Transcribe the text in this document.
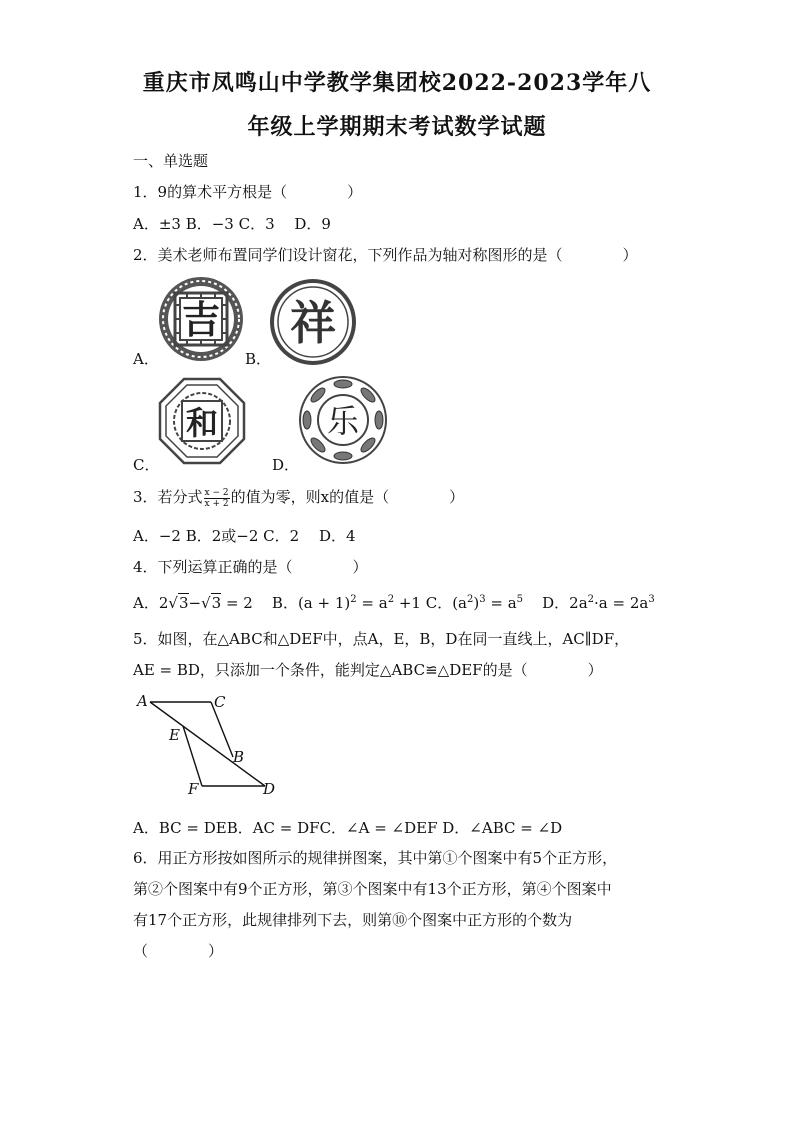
重庆市凤鸣山中学教学集团校2022-2023学年八
年级上学期期末考试数学试题
一、单选题
1．9的算术平方根是（　　　　）
A．±3 B．−3 C．3　 D．9
2．美术老师布置同学们设计窗花，下列作品为轴对称图形的是（　　　　）
A．
吉
B．
祥
C．
和
D．
乐
3．若分式 $\frac{x - 2}{x + 2}$ 的值为零，则x的值是（　　　　）
A．−2 B．2或−2 C．2　 D．4
4．下列运算正确的是（　　　　）
A．2√3−√3 = 2 B．$(a + 1)^2 = a^2 +1$ C．$(a^2)^3 = a^5$ D．$2a^2\cdot a = 2a^3$
5．如图，在△ABC和△DEF中，点A，E，B，D在同一直线上，AC∥DF，
AE = BD，只添加一个条件，能判定△ABC≌△DEF的是（　　　　）
A	C
E
B
F	D
A．BC = DEB．AC = DFC．∠A = ∠DEF D．∠ABC = ∠D
6．用正方形按如图所示的规律拼图案，其中第①个图案中有5个正方形，
第②个图案中有9个正方形，第③个图案中有13个正方形，第④个图案中
有17个正方形，此规律排列下去，则第⑩个图案中正方形的个数为
（　　　　）
